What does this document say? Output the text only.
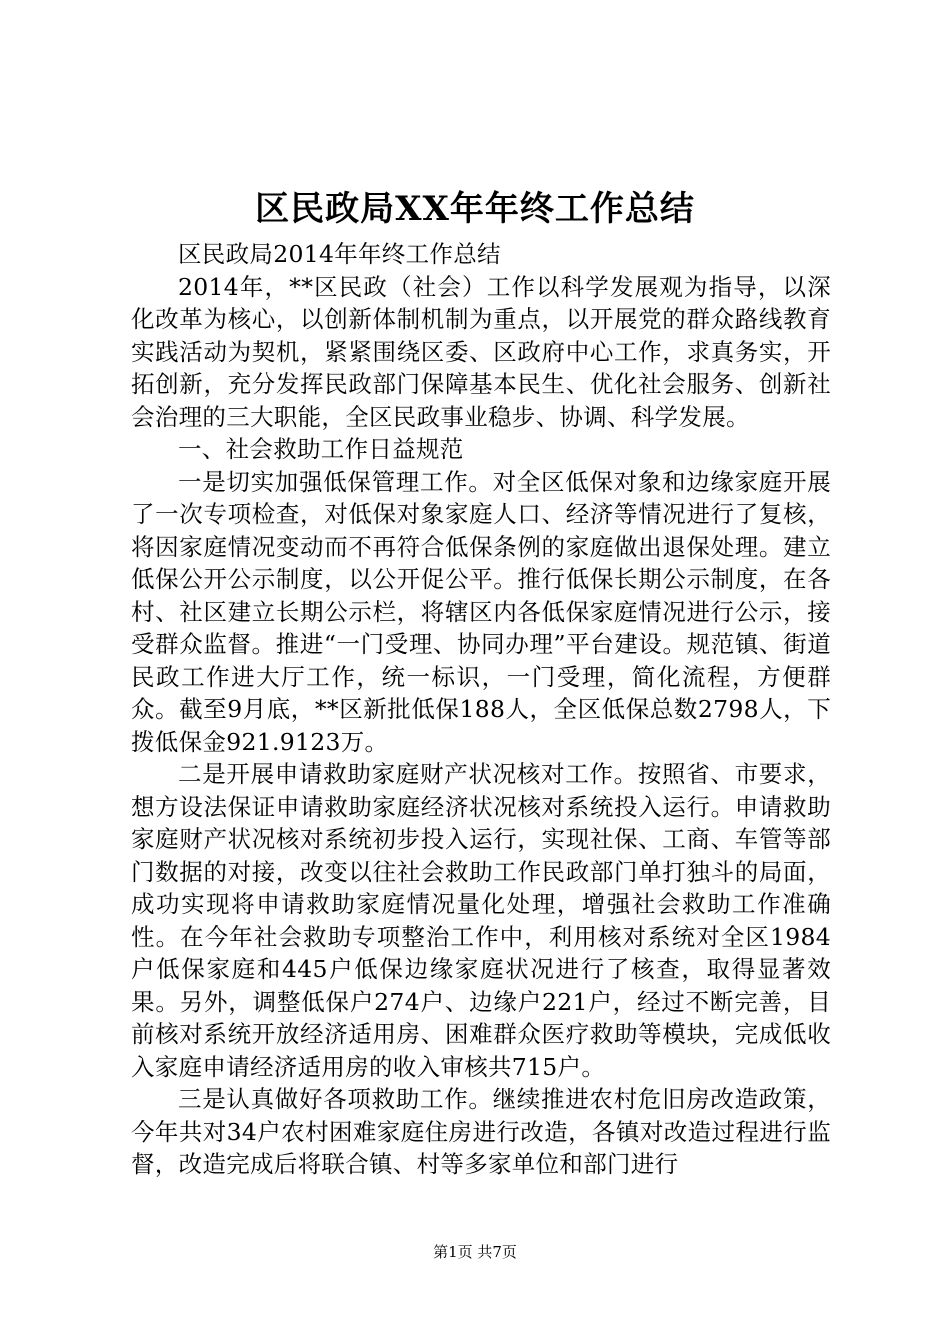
区民政局XX年年终工作总结

区民政局2014年年终工作总结

2014年，**区民政（社会）工作以科学发展观为指导，以深化改革为核心，以创新体制机制为重点，以开展党的群众路线教育实践活动为契机，紧紧围绕区委、区政府中心工作，求真务实，开拓创新，充分发挥民政部门保障基本民生、优化社会服务、创新社会治理的三大职能，全区民政事业稳步、协调、科学发展。

一、社会救助工作日益规范

一是切实加强低保管理工作。对全区低保对象和边缘家庭开展了一次专项检查，对低保对象家庭人口、经济等情况进行了复核，将因家庭情况变动而不再符合低保条例的家庭做出退保处理。建立低保公开公示制度，以公开促公平。推行低保长期公示制度，在各村、社区建立长期公示栏，将辖区内各低保家庭情况进行公示，接受群众监督。推进“一门受理、协同办理”平台建设。规范镇、街道民政工作进大厅工作，统一标识，一门受理，简化流程，方便群众。截至9月底，**区新批低保188人，全区低保总数2798人，下拨低保金921.9123万。

二是开展申请救助家庭财产状况核对工作。按照省、市要求，想方设法保证申请救助家庭经济状况核对系统投入运行。申请救助家庭财产状况核对系统初步投入运行，实现社保、工商、车管等部门数据的对接，改变以往社会救助工作民政部门单打独斗的局面，成功实现将申请救助家庭情况量化处理，增强社会救助工作准确性。在今年社会救助专项整治工作中，利用核对系统对全区1984户低保家庭和445户低保边缘家庭状况进行了核查，取得显著效果。另外，调整低保户274户、边缘户221户，经过不断完善，目前核对系统开放经济适用房、困难群众医疗救助等模块，完成低收入家庭申请经济适用房的收入审核共715户。

三是认真做好各项救助工作。继续推进农村危旧房改造政策，今年共对34户农村困难家庭住房进行改造，各镇对改造过程进行监督，改造完成后将联合镇、村等多家单位和部门进行

第1页 共7页
